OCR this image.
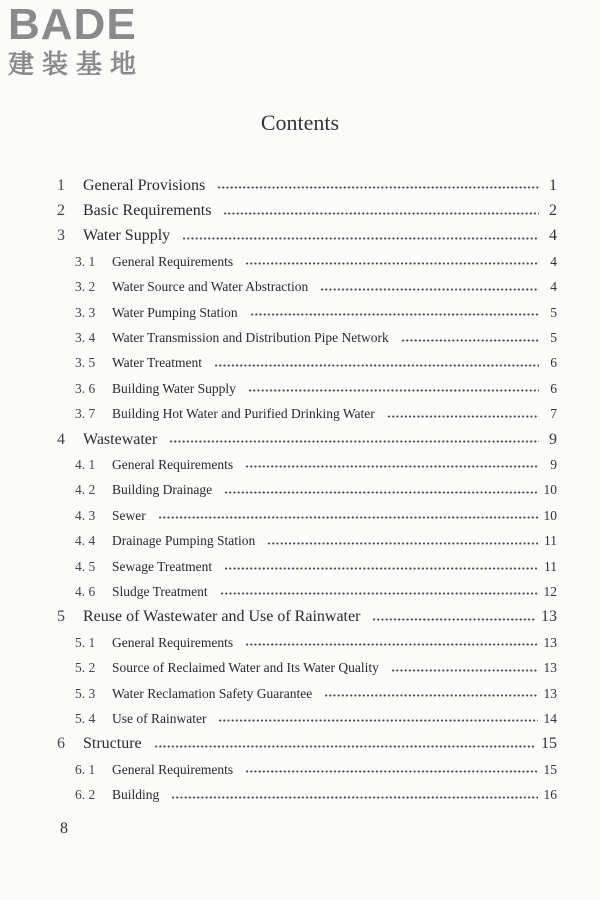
BADE
建装基地
Contents
1	General Provisions	1
2	Basic Requirements	2
3	Water Supply	4
3. 1	General Requirements	4
3. 2	Water Source and Water Abstraction	4
3. 3	Water Pumping Station	5
3. 4	Water Transmission and Distribution Pipe Network	5
3. 5	Water Treatment	6
3. 6	Building Water Supply	6
3. 7	Building Hot Water and Purified Drinking Water	7
4	Wastewater	9
4. 1	General Requirements	9
4. 2	Building Drainage	10
4. 3	Sewer	10
4. 4	Drainage Pumping Station	11
4. 5	Sewage Treatment	11
4. 6	Sludge Treatment	12
5	Reuse of Wastewater and Use of Rainwater	13
5. 1	General Requirements	13
5. 2	Source of Reclaimed Water and Its Water Quality	13
5. 3	Water Reclamation Safety Guarantee	13
5. 4	Use of Rainwater	14
6	Structure	15
6. 1	General Requirements	15
6. 2	Building	16
8
